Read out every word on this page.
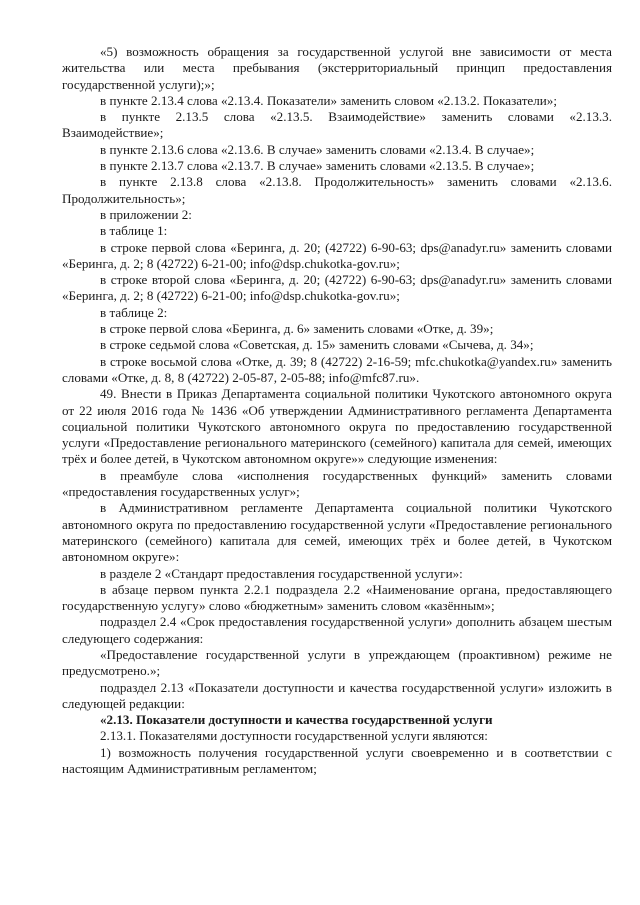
«5) возможность обращения за государственной услугой вне зависимости от места жительства или места пребывания (экстерриториальный принцип предоставления государственной услуги);»;

в пункте 2.13.4 слова «2.13.4. Показатели» заменить словом «2.13.2. Показатели»;

в пункте 2.13.5 слова «2.13.5. Взаимодействие» заменить словами «2.13.3. Взаимодействие»;

в пункте 2.13.6 слова «2.13.6. В случае» заменить словами «2.13.4. В случае»;

в пункте 2.13.7 слова «2.13.7. В случае» заменить словами «2.13.5. В случае»;

в пункте 2.13.8 слова «2.13.8. Продолжительность» заменить словами «2.13.6. Продолжительность»;

в приложении 2:

в таблице 1:

в строке первой слова «Беринга, д. 20; (42722) 6-90-63; dps@anadyr.ru» заменить словами «Беринга, д. 2; 8 (42722) 6-21-00; info@dsp.chukotka-gov.ru»;

в строке второй слова «Беринга, д. 20; (42722) 6-90-63; dps@anadyr.ru» заменить словами «Беринга, д. 2; 8 (42722) 6-21-00; info@dsp.chukotka-gov.ru»;

в таблице 2:

в строке первой слова «Беринга, д. 6» заменить словами «Отке, д. 39»;

в строке седьмой слова «Советская, д. 15» заменить словами «Сычева, д. 34»;

в строке восьмой слова «Отке, д. 39; 8 (42722) 2-16-59; mfc.chukotka@yandex.ru» заменить словами «Отке, д. 8, 8 (42722) 2-05-87, 2-05-88; info@mfc87.ru».

49. Внести в Приказ Департамента социальной политики Чукотского автономного округа от 22 июля 2016 года № 1436 «Об утверждении Административного регламента Департамента социальной политики Чукотского автономного округа по предоставлению государственной услуги «Предоставление регионального материнского (семейного) капитала для семей, имеющих трёх и более детей, в Чукотском автономном округе»» следующие изменения:

в преамбуле слова «исполнения государственных функций» заменить словами «предоставления государственных услуг»;

в Административном регламенте Департамента социальной политики Чукотского автономного округа по предоставлению государственной услуги «Предоставление регионального материнского (семейного) капитала для семей, имеющих трёх и более детей, в Чукотском автономном округе»:

в разделе 2 «Стандарт предоставления государственной услуги»:

в абзаце первом пункта 2.2.1 подраздела 2.2 «Наименование органа, предоставляющего государственную услугу» слово «бюджетным» заменить словом «казённым»;

подраздел 2.4 «Срок предоставления государственной услуги» дополнить абзацем шестым следующего содержания:

«Предоставление государственной услуги в упреждающем (проактивном) режиме не предусмотрено.»;

подраздел 2.13 «Показатели доступности и качества государственной услуги» изложить в следующей редакции:

«2.13. Показатели доступности и качества государственной услуги

2.13.1. Показателями доступности государственной услуги являются:

1) возможность получения государственной услуги своевременно и в соответствии с настоящим Административным регламентом;
